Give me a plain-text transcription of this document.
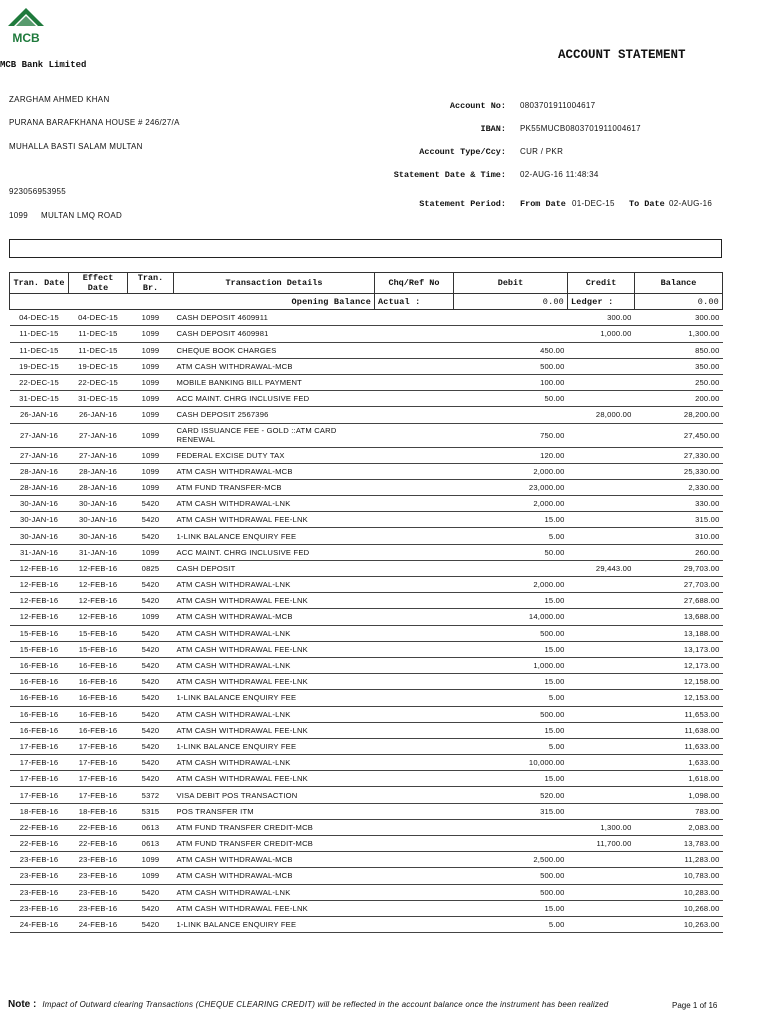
MCB
MCB Bank Limited
ACCOUNT STATEMENT
ZARGHAM AHMED KHAN
PURANA BARAFKHANA HOUSE # 246/27/A
MUHALLA BASTI SALAM MULTAN
923056953955
1099 MULTAN LMQ ROAD
Account No: 0803701911004617
IBAN: PK55MUCB0803701911004617
Account Type/Ccy: CUR / PKR
Statement Date & Time: 02-AUG-16 11:48:34
Statement Period: From Date 01-DEC-15 To Date 02-AUG-16
Tran. Date	Effect Date	Tran. Br.	Transaction Details	Chq/Ref No	Debit	Credit	Balance
Opening Balance				Actual :	0.00	Ledger :	0.00
04-DEC-15	04-DEC-15	1099	CASH DEPOSIT 4609911			300.00	300.00
11-DEC-15	11-DEC-15	1099	CASH DEPOSIT 4609981			1,000.00	1,300.00
11-DEC-15	11-DEC-15	1099	CHEQUE BOOK CHARGES		450.00		850.00
19-DEC-15	19-DEC-15	1099	ATM CASH WITHDRAWAL-MCB		500.00		350.00
22-DEC-15	22-DEC-15	1099	MOBILE BANKING BILL PAYMENT		100.00		250.00
31-DEC-15	31-DEC-15	1099	ACC MAINT. CHRG INCLUSIVE FED		50.00		200.00
26-JAN-16	26-JAN-16	1099	CASH DEPOSIT 2567396			28,000.00	28,200.00
27-JAN-16	27-JAN-16	1099	CARD ISSUANCE FEE - GOLD ::ATM CARD RENEWAL		750.00		27,450.00
27-JAN-16	27-JAN-16	1099	FEDERAL EXCISE DUTY TAX		120.00		27,330.00
28-JAN-16	28-JAN-16	1099	ATM CASH WITHDRAWAL-MCB		2,000.00		25,330.00
28-JAN-16	28-JAN-16	1099	ATM FUND TRANSFER-MCB		23,000.00		2,330.00
30-JAN-16	30-JAN-16	5420	ATM CASH WITHDRAWAL-LNK		2,000.00		330.00
30-JAN-16	30-JAN-16	5420	ATM CASH WITHDRAWAL FEE-LNK		15.00		315.00
30-JAN-16	30-JAN-16	5420	1-LINK BALANCE ENQUIRY FEE		5.00		310.00
31-JAN-16	31-JAN-16	1099	ACC MAINT. CHRG INCLUSIVE FED		50.00		260.00
12-FEB-16	12-FEB-16	0825	CASH DEPOSIT			29,443.00	29,703.00
12-FEB-16	12-FEB-16	5420	ATM CASH WITHDRAWAL-LNK		2,000.00		27,703.00
12-FEB-16	12-FEB-16	5420	ATM CASH WITHDRAWAL FEE-LNK		15.00		27,688.00
12-FEB-16	12-FEB-16	1099	ATM CASH WITHDRAWAL-MCB		14,000.00		13,688.00
15-FEB-16	15-FEB-16	5420	ATM CASH WITHDRAWAL-LNK		500.00		13,188.00
15-FEB-16	15-FEB-16	5420	ATM CASH WITHDRAWAL FEE-LNK		15.00		13,173.00
16-FEB-16	16-FEB-16	5420	ATM CASH WITHDRAWAL-LNK		1,000.00		12,173.00
16-FEB-16	16-FEB-16	5420	ATM CASH WITHDRAWAL FEE-LNK		15.00		12,158.00
16-FEB-16	16-FEB-16	5420	1-LINK BALANCE ENQUIRY FEE		5.00		12,153.00
16-FEB-16	16-FEB-16	5420	ATM CASH WITHDRAWAL-LNK		500.00		11,653.00
16-FEB-16	16-FEB-16	5420	ATM CASH WITHDRAWAL FEE-LNK		15.00		11,638.00
17-FEB-16	17-FEB-16	5420	1-LINK BALANCE ENQUIRY FEE		5.00		11,633.00
17-FEB-16	17-FEB-16	5420	ATM CASH WITHDRAWAL-LNK		10,000.00		1,633.00
17-FEB-16	17-FEB-16	5420	ATM CASH WITHDRAWAL FEE-LNK		15.00		1,618.00
17-FEB-16	17-FEB-16	5372	VISA DEBIT POS TRANSACTION		520.00		1,098.00
18-FEB-16	18-FEB-16	5315	POS TRANSFER ITM		315.00		783.00
22-FEB-16	22-FEB-16	0613	ATM FUND TRANSFER CREDIT-MCB			1,300.00	2,083.00
22-FEB-16	22-FEB-16	0613	ATM FUND TRANSFER CREDIT-MCB			11,700.00	13,783.00
23-FEB-16	23-FEB-16	1099	ATM CASH WITHDRAWAL-MCB		2,500.00		11,283.00
23-FEB-16	23-FEB-16	1099	ATM CASH WITHDRAWAL-MCB		500.00		10,783.00
23-FEB-16	23-FEB-16	5420	ATM CASH WITHDRAWAL-LNK		500.00		10,283.00
23-FEB-16	23-FEB-16	5420	ATM CASH WITHDRAWAL FEE-LNK		15.00		10,268.00
24-FEB-16	24-FEB-16	5420	1-LINK BALANCE ENQUIRY FEE		5.00		10,263.00
Note : Impact of Outward clearing Transactions (CHEQUE CLEARING CREDIT) will be reflected in the account balance once the instrument has been realized	Page 1 of 16
